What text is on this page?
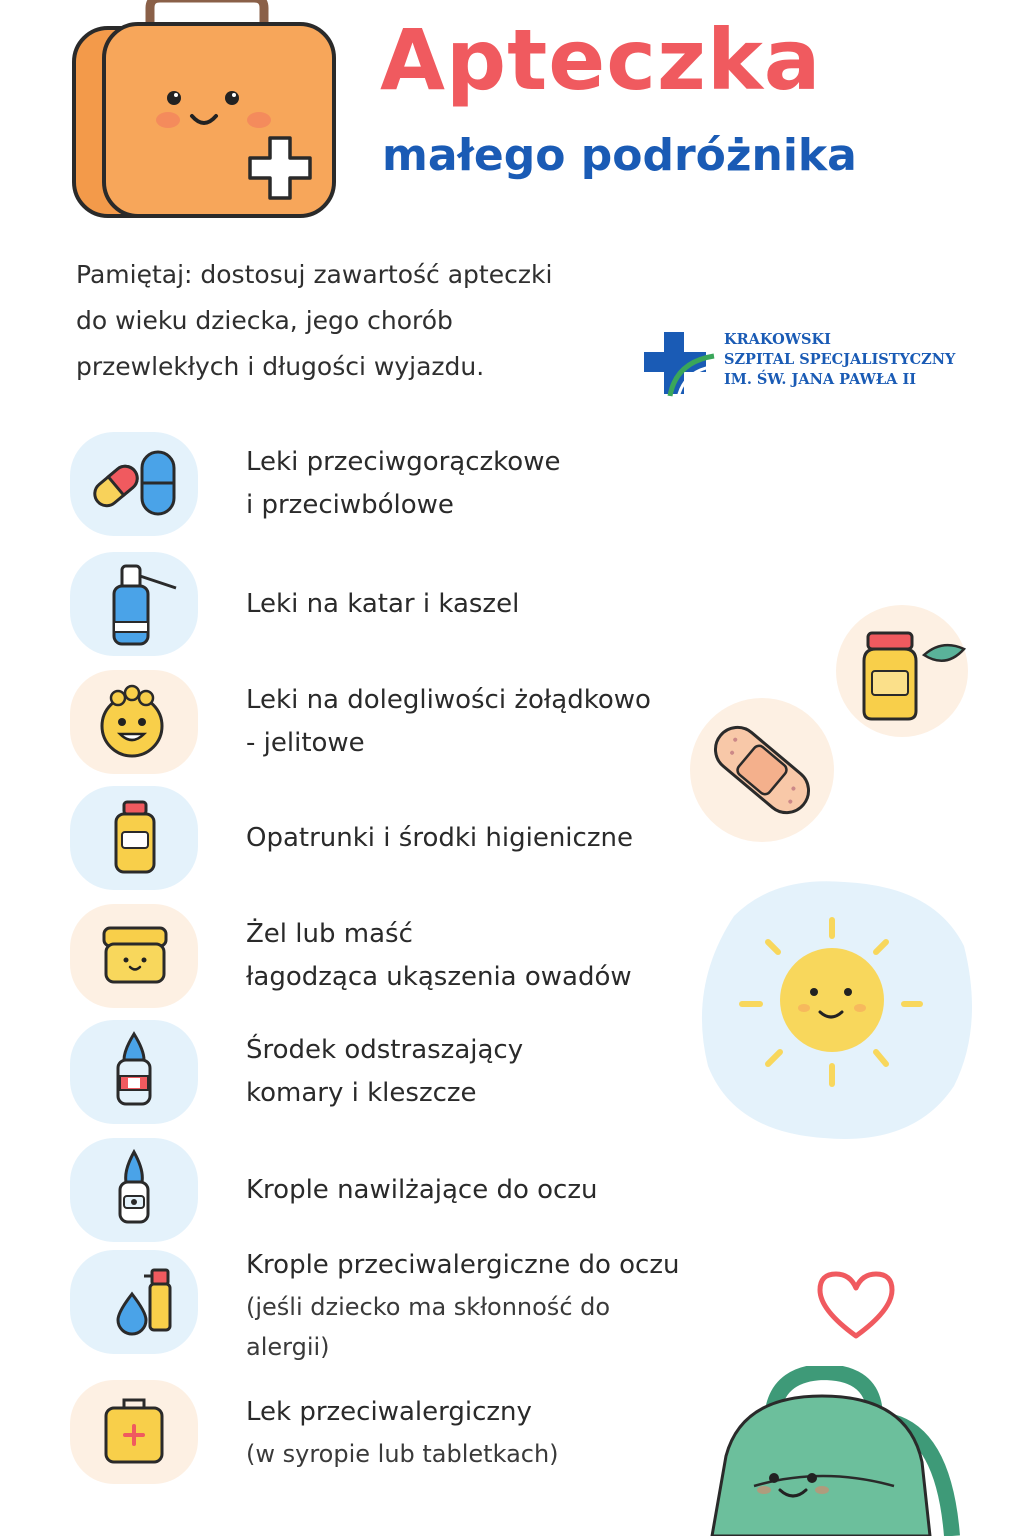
Apteczka
małego podróżnika
Pamiętaj: dostosuj zawartość apteczki
do wieku dziecka, jego chorób
przewlekłych i długości wyjazdu.
KRAKOWSKI
SZPITAL SPECJALISTYCZNY
IM. ŚW. JANA PAWŁA II
Leki przeciwgorączkowe
i przeciwbólowe
Leki na katar i kaszel
Leki na dolegliwości żołądkowo
- jelitowe
Opatrunki i środki higieniczne
Żel lub maść
łagodząca ukąszenia owadów
Środek odstraszający
komary i kleszcze
Krople nawilżające do oczu
Krople przeciwalergiczne do oczu
(jeśli dziecko ma skłonność do
alergii)
Lek przeciwalergiczny
(w syropie lub tabletkach)
